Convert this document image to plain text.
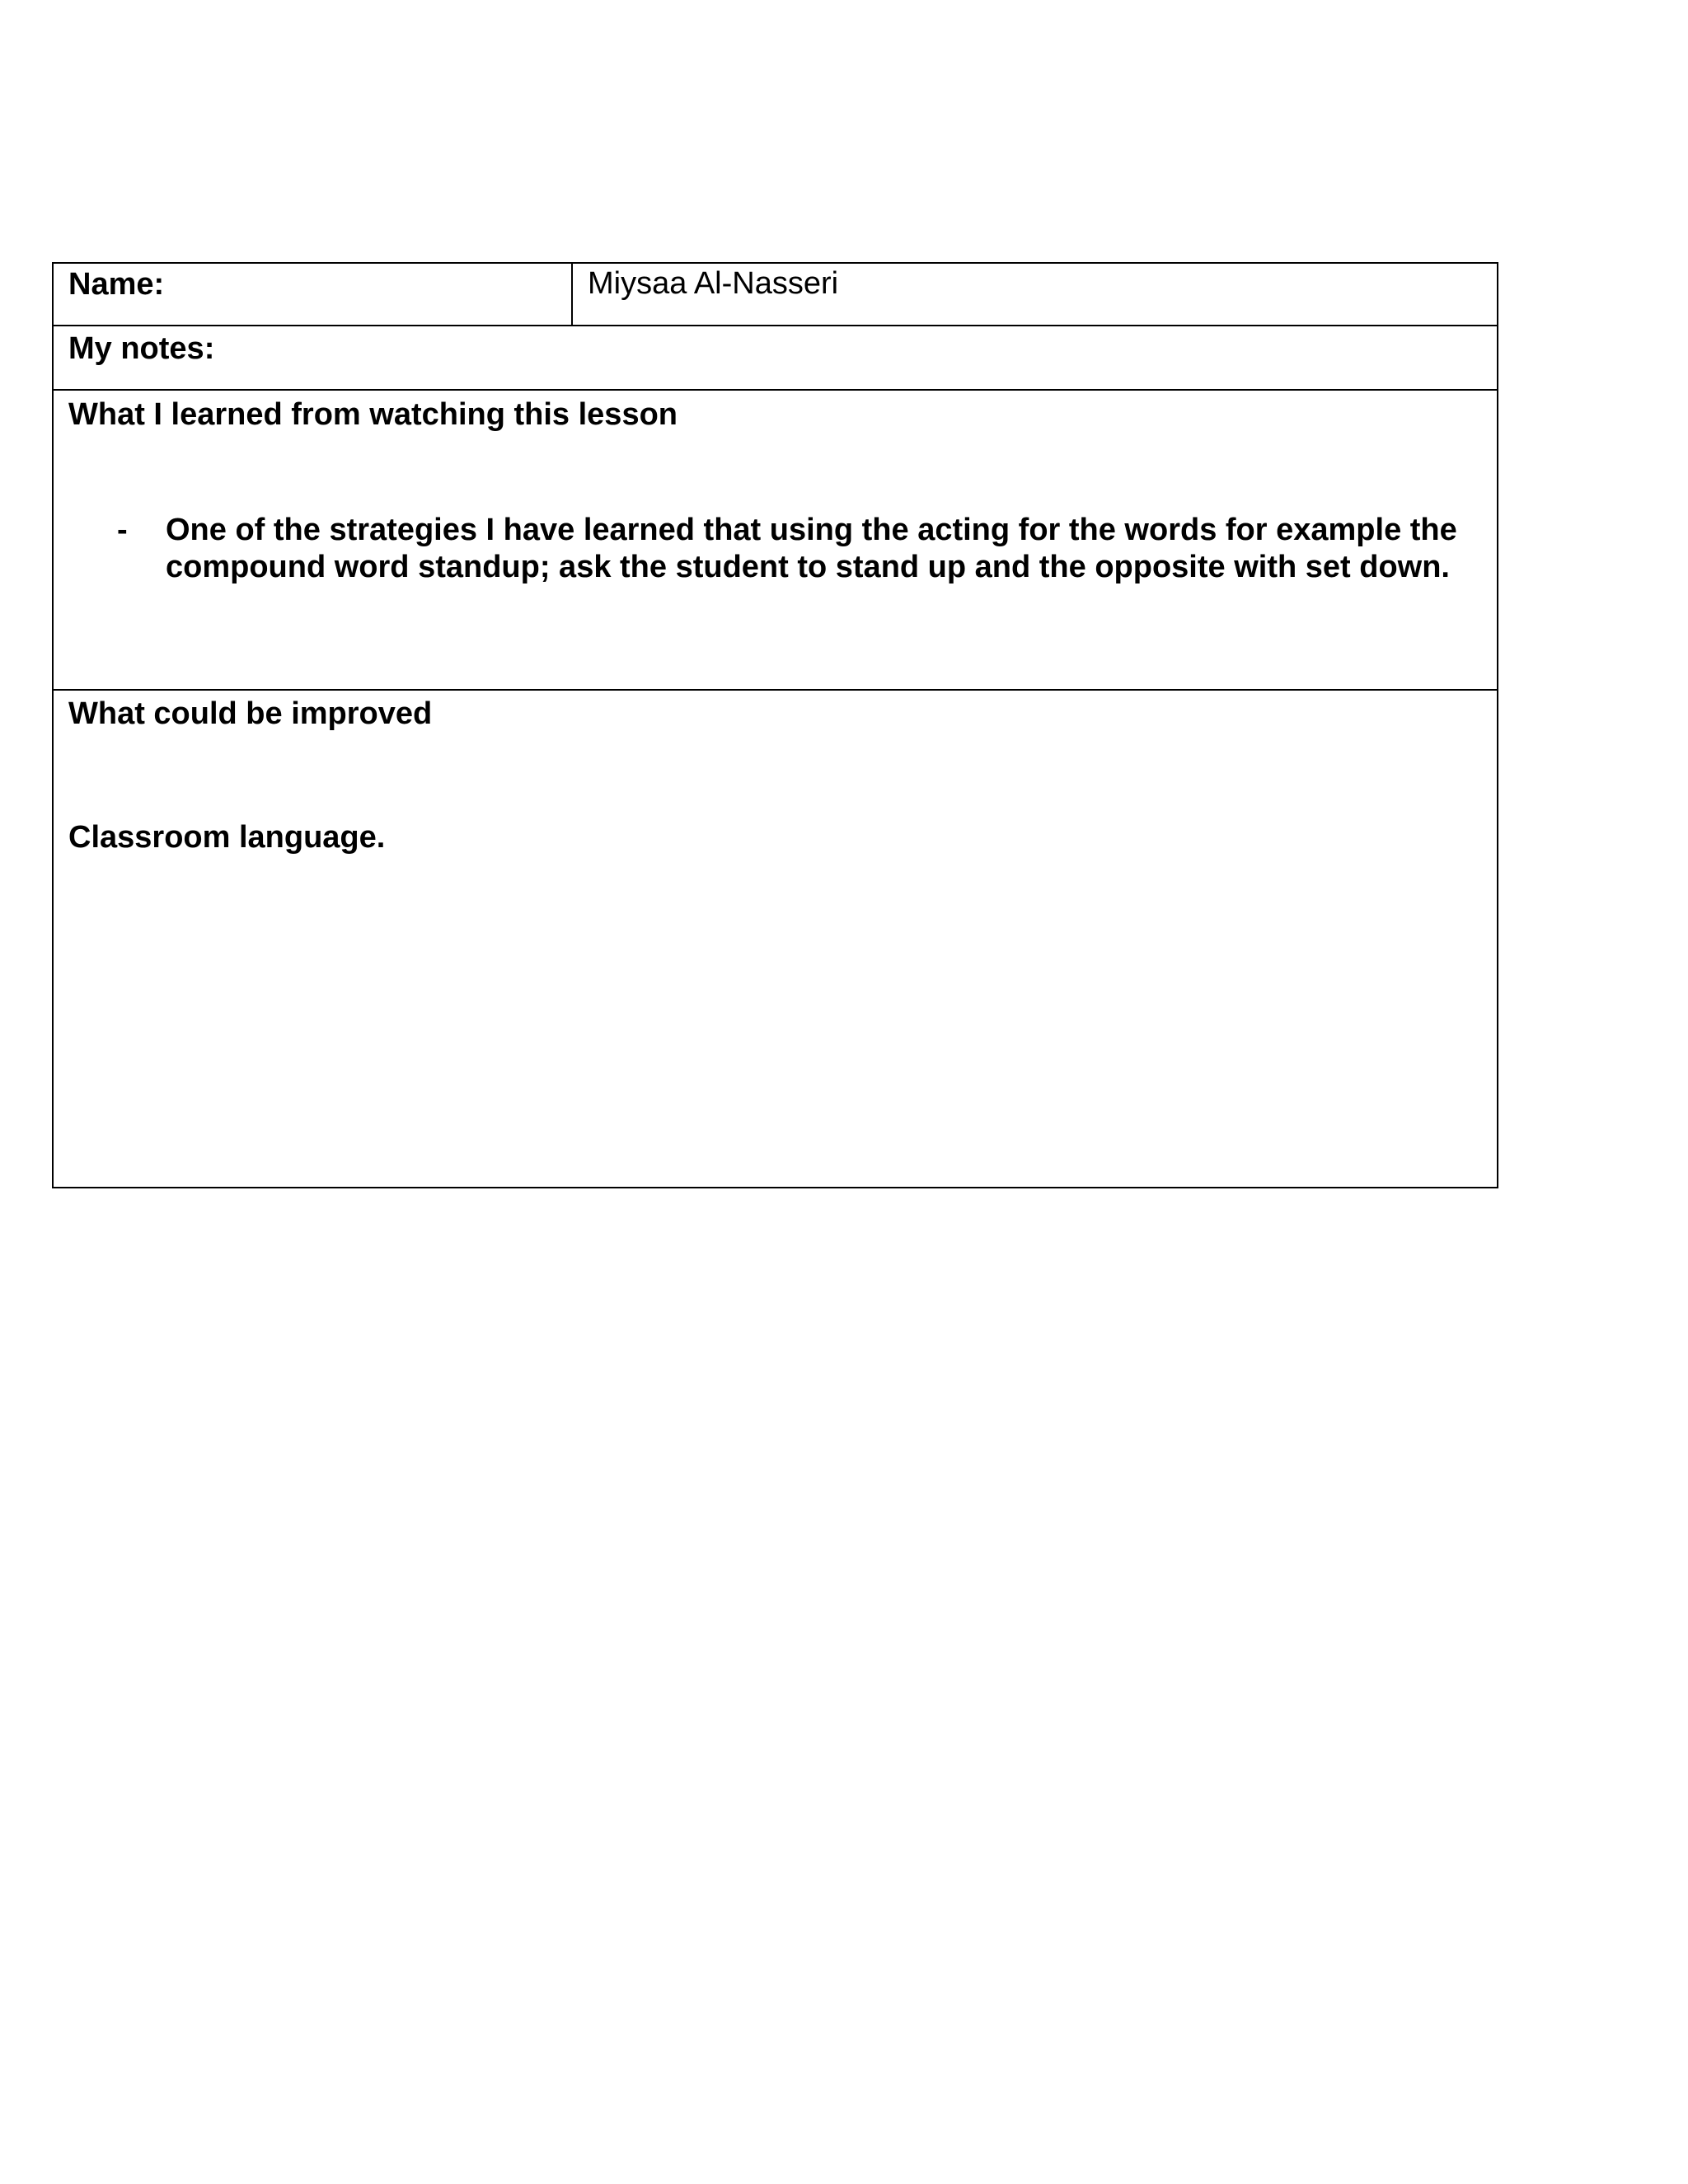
Name:	Miysaa Al-Nasseri
My notes:
What I learned from watching this lesson
- One of the strategies I have learned that using the acting for the words for example the compound word standup; ask the student to stand up and the opposite with set down.

What could be improved
Classroom language.
